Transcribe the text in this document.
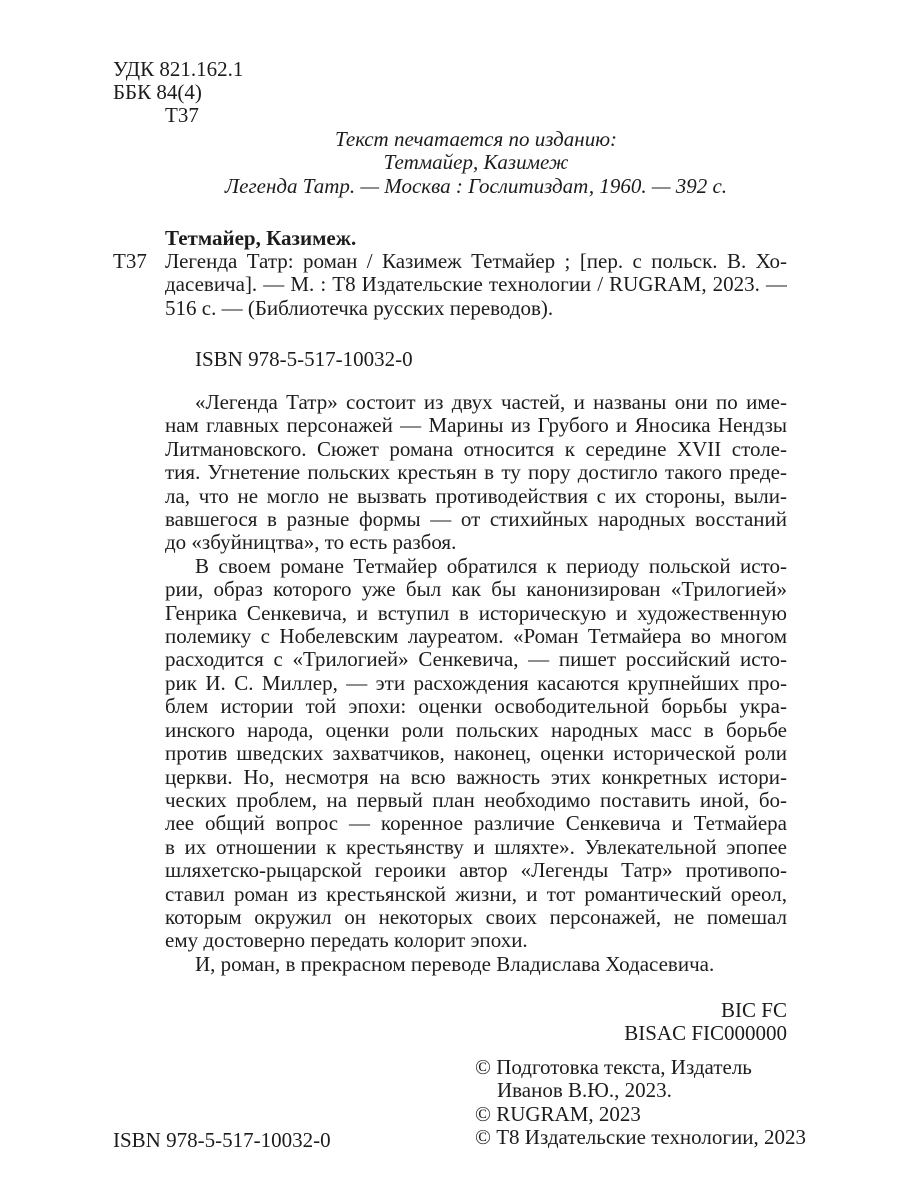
УДК 821.162.1
ББК 84(4)
Т37
Текст печатается по изданию:
Тетмайер, Казимеж
Легенда Татр. — Москва : Гослитиздат, 1960. — 392 с.
Тетмайер, Казимеж.
Т37 Легенда Татр: роман / Казимеж Тетмайер ; [пер. с польск. В. Хо-
дасевича]. — М. : Т8 Издательские технологии / RUGRAM, 2023. —
516 с. — (Библиотечка русских переводов).
ISBN 978-5-517-10032-0
«Легенда Татр» состоит из двух частей, и названы они по име-
нам главных персонажей — Марины из Грубого и Яносика Нендзы
Литмановского. Сюжет романа относится к середине XVII столе-
тия. Угнетение польских крестьян в ту пору достигло такого преде-
ла, что не могло не вызвать противодействия с их стороны, выли-
вавшегося в разные формы — от стихийных народных восстаний
до «збуйництва», то есть разбоя.
В своем романе Тетмайер обратился к периоду польской исто-
рии, образ которого уже был как бы канонизирован «Трилогией»
Генрика Сенкевича, и вступил в историческую и художественную
полемику с Нобелевским лауреатом. «Роман Тетмайера во многом
расходится с «Трилогией» Сенкевича, — пишет российский исто-
рик И. С. Миллер, — эти расхождения касаются крупнейших про-
блем истории той эпохи: оценки освободительной борьбы укра-
инского народа, оценки роли польских народных масс в борьбе
против шведских захватчиков, наконец, оценки исторической роли
церкви. Но, несмотря на всю важность этих конкретных истори-
ческих проблем, на первый план необходимо поставить иной, бо-
лее общий вопрос — коренное различие Сенкевича и Тетмайера
в их отношении к крестьянству и шляхте». Увлекательной эпопее
шляхетско-рыцарской героики автор «Легенды Татр» противопо-
ставил роман из крестьянской жизни, и тот романтический ореол,
которым окружил он некоторых своих персонажей, не помешал
ему достоверно передать колорит эпохи.
И, роман, в прекрасном переводе Владислава Ходасевича.
BIC FC
BISAC FIC000000
© Подготовка текста, Издатель
Иванов В.Ю., 2023.
© RUGRAM, 2023
© Т8 Издательские технологии, 2023
ISBN 978-5-517-10032-0
